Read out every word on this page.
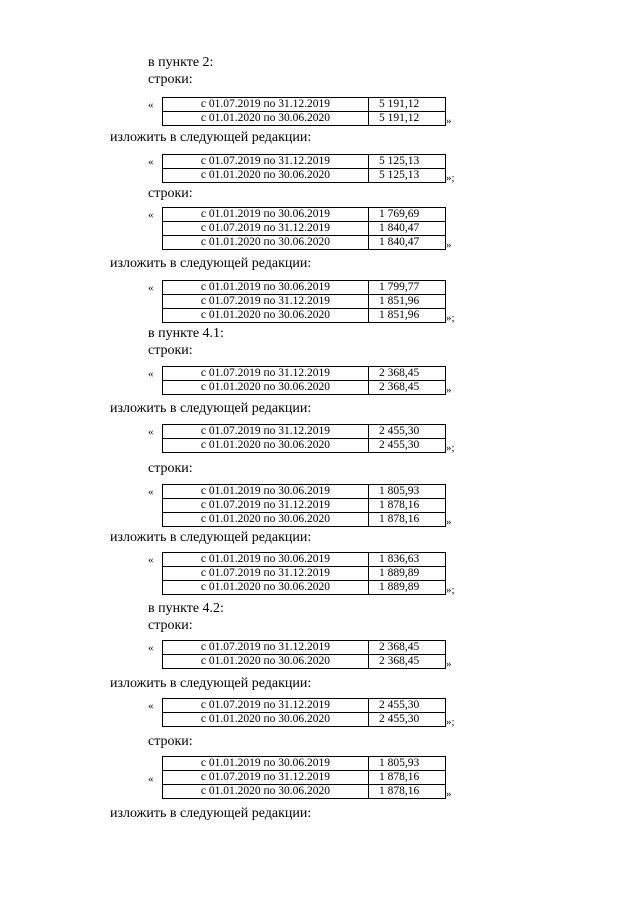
в пункте 2:
строки:
«	с 01.07.2019 по 31.12.2019	5 191,12
с 01.01.2020 по 30.06.2020	5 191,12 »
изложить в следующей редакции:
«	с 01.07.2019 по 31.12.2019	5 125,13
с 01.01.2020 по 30.06.2020	5 125,13 »;
строки:
«	с 01.01.2019 по 30.06.2019	1 769,69
с 01.07.2019 по 31.12.2019	1 840,47
с 01.01.2020 по 30.06.2020	1 840,47 »
изложить в следующей редакции:
«	с 01.01.2019 по 30.06.2019	1 799,77
с 01.07.2019 по 31.12.2019	1 851,96
с 01.01.2020 по 30.06.2020	1 851,96 »;
в пункте 4.1:
строки:
«	с 01.07.2019 по 31.12.2019	2 368,45
с 01.01.2020 по 30.06.2020	2 368,45 »
изложить в следующей редакции:
«	с 01.07.2019 по 31.12.2019	2 455,30
с 01.01.2020 по 30.06.2020	2 455,30 »;
строки:
«	с 01.01.2019 по 30.06.2019	1 805,93
с 01.07.2019 по 31.12.2019	1 878,16
с 01.01.2020 по 30.06.2020	1 878,16 »
изложить в следующей редакции:
«	с 01.01.2019 по 30.06.2019	1 836,63
с 01.07.2019 по 31.12.2019	1 889,89
с 01.01.2020 по 30.06.2020	1 889,89 »;
в пункте 4.2:
строки:
«	с 01.07.2019 по 31.12.2019	2 368,45
с 01.01.2020 по 30.06.2020	2 368,45 »
изложить в следующей редакции:
«	с 01.07.2019 по 31.12.2019	2 455,30
с 01.01.2020 по 30.06.2020	2 455,30 »;
строки:
«
с 01.01.2019 по 30.06.2019	1 805,93
с 01.07.2019 по 31.12.2019	1 878,16
с 01.01.2020 по 30.06.2020	1 878,16 »
изложить в следующей редакции:
